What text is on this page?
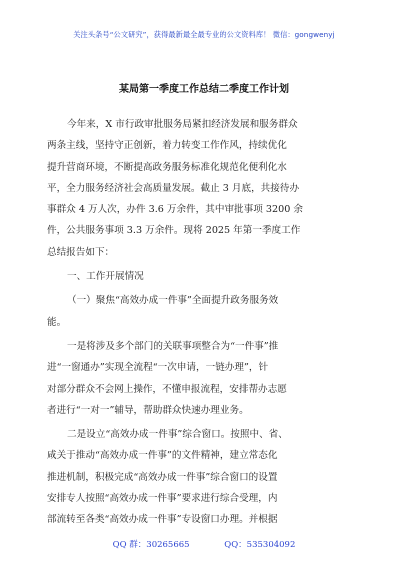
关注头条号“公文研究”，获得最新最全最专业的公文资料库！ 微信：gongwenyj
某局第一季度工作总结二季度工作计划
今年来，X 市行政审批服务局紧扣经济发展和服务群众
两条主线，坚持守正创新，着力转变工作作风，持续优化
提升营商环境，不断提高政务服务标准化规范化便利化水
平，全力服务经济社会高质量发展。截止 3 月底，共接待办
事群众 4 万人次，办件 3.6 万余件，其中审批事项 3200 余
件，公共服务事项 3.3 万余件。现将 2025 年第一季度工作
总结报告如下：
一、工作开展情况
（一）聚焦“高效办成一件事”全面提升政务服务效
能。
一是将涉及多个部门的关联事项整合为“一件事”推
进“一窗通办”实现全流程“一次申请，一链办理”，针
对部分群众不会网上操作，不懂申报流程，安排帮办志愿
者进行“一对一”辅导，帮助群众快速办理业务。
二是设立“高效办成一件事”综合窗口。按照中、省、
咸关于推动“高效办成一件事”的文件精神，建立常态化
推进机制，积极完成“高效办成一件事”综合窗口的设置
安排专人按照“高效办成一件事”要求进行综合受理，内
部流转至各类“高效办成一件事”专设窗口办理。并根据
QQ 群：30265665	QQ：535304092
